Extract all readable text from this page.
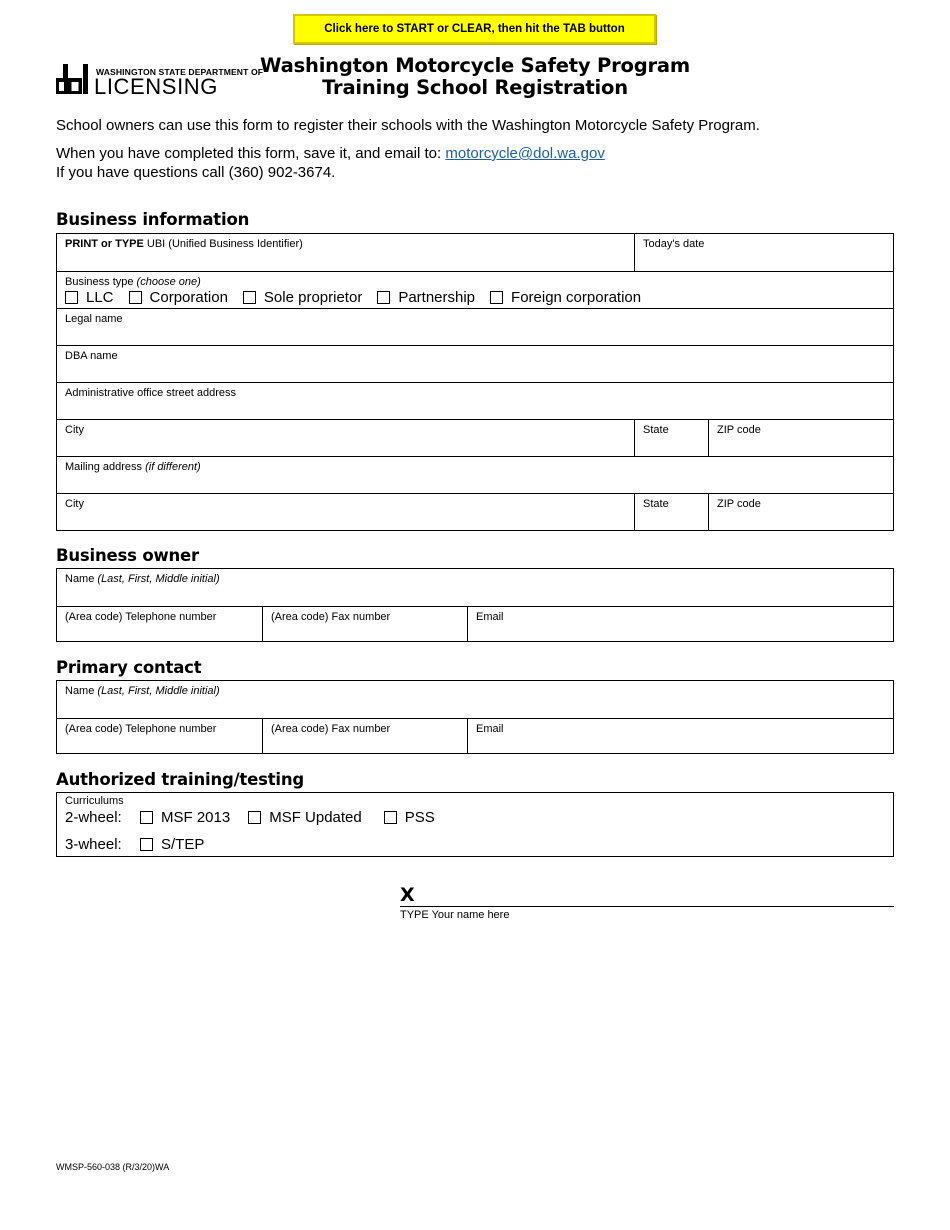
Click here to START or CLEAR, then hit the TAB button
WASHINGTON STATE DEPARTMENT OF
LICENSING
Washington Motorcycle Safety Program
Training School Registration
School owners can use this form to register their schools with the Washington Motorcycle Safety Program.
When you have completed this form, save it, and email to: motorcycle@dol.wa.gov
If you have questions call (360) 902-3674.
Business information
PRINT or TYPE UBI (Unified Business Identifier)	Today's date
Business type (choose one)
LLC Corporation Sole proprietor Partnership Foreign corporation
Legal name
DBA name
Administrative office street address
City	State	ZIP code
Mailing address (if different)
City	State	ZIP code
Business owner
Name (Last, First, Middle initial)
(Area code) Telephone number	(Area code) Fax number	Email
Primary contact
Name (Last, First, Middle initial)
(Area code) Telephone number	(Area code) Fax number	Email
Authorized training/testing
Curriculums
2-wheel:	MSF 2013	MSF Updated	PSS
3-wheel:	S/TEP
X
TYPE Your name here
WMSP-560-038 (R/3/20)WA
